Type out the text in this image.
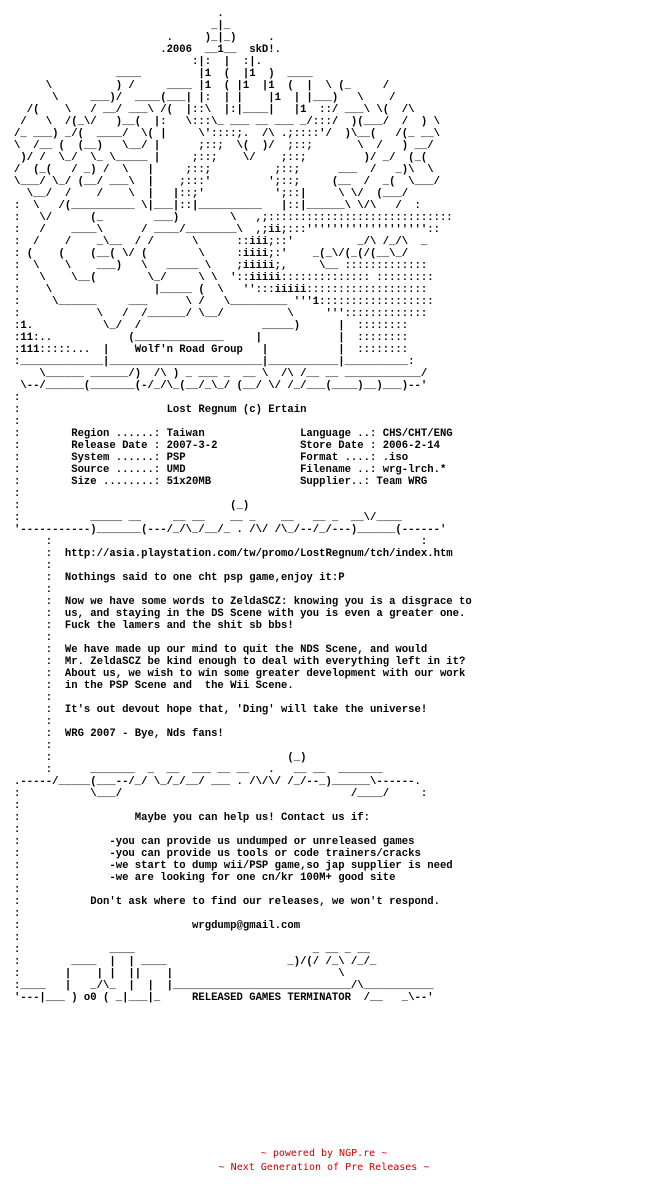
.
_|_
.     )_|_)     .
.2006  __1__  skD!.
:|:  |  :|.
____         |1  (  |1  )  ____
\          ) /     ____ |1  ( |1  |1  (  |  \ (_     /
\     ___)/  ____(___| |:  | |    |1  | |___)   \    /
/(    \   / __/ ___\ /(  |::\  |:|____|   |1  ::/ ___\ \(  /\
/   \  /(_\/   )__(  |:   \:::\_ ___ __ ___ _/:::/  )(___/  /  ) \
/_ ___) _/(  ____/  \( |     \'::::;.  /\ .;::::'/  )\__(   /(_ __\
\  /__ (  (__)   \__/ |      ;::;  \(  )/  ;::;       \  /   ) __/
)/ /  \_/  \_ \_____ |     ;::;    \/    ;::;         )/ _/  (_(
/  (_(   / _) /  \   |     ;::;          ;::;      ___  /   _)\  \
\___/ \_/ (__/ ___\  |    ;:::'         ';::;     (__  /  _(  \___/
\__/  /    /    \  |   |::;'           ';::|     \ \/  (___/
:  \   /(__________ \|___|::|__________   |::|______\ \/\   /  :
:   \/      (_        ___)        \   ,;:::::::::::::::::::::::::::::
:   /    ____\      / ____/________\  ,;ii;:::'''''''''''''''''''::
:  /    /    _\__  / /      \      ::iii;::'          _/\ /_/\  _
: (    (    (__( \/ (        \     :iiii;:'    _(_\/(_(/(__\_/
:  \    \    ___)   \   _____ \    ;iiiii;,     \__ :::::::::::::
:   \    \__(        \_/     \ \  '::iiiii:::::::::::::: :::::::::
:    \                |_____ (  \   '':::iiiii:::::::::::::::::::
:     \______     ___      \ /   \_________ '''1::::::::::::::::::
:            \   /  /______/ \__/          \     ''':::::::::::::
:1.           \_/  /                   _____)      |  ::::::::
:11:..            (______________     |            |  ::::::::
:111:::::...  |    Wolf'n Road Group   |           |  ::::::::
:_____________|________________________|___________|__________:
\______ ______/)  /\ ) _ ___ _  __ \  /\ /__ __ ____________/
\--/______(_______(-/_/\_(__/_\_/ (__/ \/ /_/___(____)__)___)--'
:
:                       Lost Regnum (c) Ertain
:
:        Region ......: Taiwan               Language ..: CHS/CHT/ENG
:        Release Date : 2007-3-2             Store Date : 2006-2-14
:        System ......: PSP                  Format ....: .iso
:        Source ......: UMD                  Filename ..: wrg-lrch.*
:        Size ........: 51x20MB              Supplier..: Team WRG
:
:                                 (_)
:           _____ __     __ __    __ _    __   __ _  __\/____
'-----------)_______(---/_/\_/__/_ . /\/ /\_/--/_/---)______(------'
:                                                          :
:  http://asia.playstation.com/tw/promo/LostRegnum/tch/index.htm
:
:  Nothings said to one cht psp game,enjoy it:P
:
:  Now we have some words to ZeldaSCZ: knowing you is a disgrace to
:  us, and staying in the DS Scene with you is even a greater one.
:  Fuck the lamers and the shit sb bbs!
:
:  We have made up our mind to quit the NDS Scene, and would
:  Mr. ZeldaSCZ be kind enough to deal with everything left in it?
:  About us, we wish to win some greater development with our work
:  in the PSP Scene and  the Wii Scene.
:
:  It's out devout hope that, 'Ding' will take the universe!
:
:  WRG 2007 - Bye, Nds fans!
:
:                                     (_)
:      _______  _  __  ___ __ __   .   __ __  _______
.-----/_____(___--/_/ \_/_/__/ ___ . /\/\/ /_/--_)______\------.
:           \___/                                    /____/     :
:
:                  Maybe you can help us! Contact us if:
:
:              -you can provide us undumped or unreleased games
:              -you can provide us tools or code trainers/cracks
:              -we start to dump wii/PSP game,so jap supplier is need
:              -we are looking for one cn/kr 100M+ good site
:
:           Don't ask where to find our releases, we won't respond.
:
:                           wrgdump@gmail.com
:
:              ____                            _ __ _ __
:        ____  |  | ____                   _)/(/ /_\ /_/_
:       |    | |  ||    |                          \
:____   |   _/\_  |  |  |____________________________/\___________
'---|___ ) o0 ( _|___|_     RELEASED GAMES TERMINATOR  /__   _\--'
~ powered by NGP.re ~
~ Next Generation of Pre Releases ~
